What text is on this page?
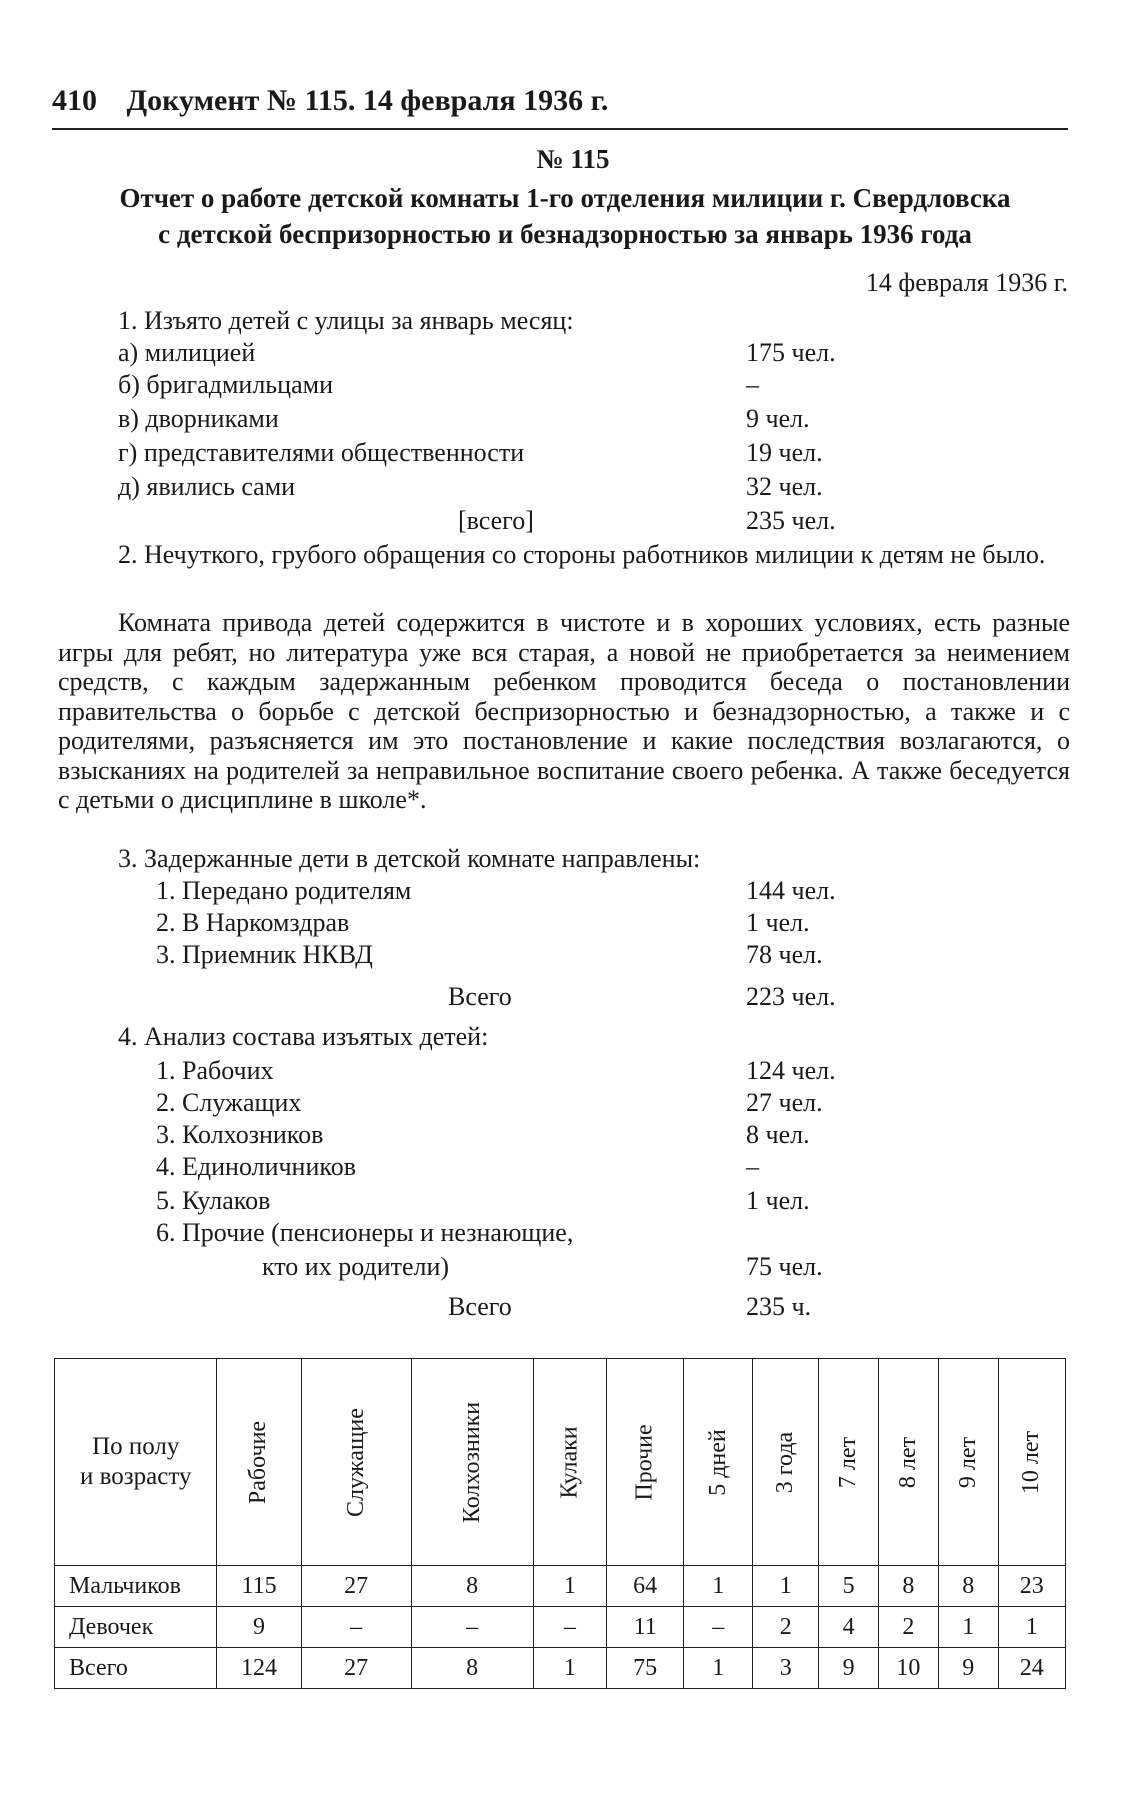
410 Документ № 115. 14 февраля 1936 г.
№ 115
Отчет о работе детской комнаты 1-го отделения милиции г. Свердловска
с детской беспризорностью и безнадзорностью за январь 1936 года
14 февраля 1936 г.
1. Изъято детей с улицы за январь месяц:
а) милицией	175 чел.
б) бригадмильцами	–
в) дворниками	9 чел.
г) представителями общественности	19 чел.
д) явились сами	32 чел.
[всего]	235 чел.
2. Нечуткого, грубого обращения со стороны работников милиции к детям не было.
Комната привода детей содержится в чистоте и в хороших условиях, есть разные игры для ребят, но литература уже вся старая, а новой не приобретается за неимением средств, с каждым задержанным ребенком проводится беседа о постановлении правительства о борьбе с детской беспризорностью и безнадзорностью, а также и с родителями, разъясняется им это постановление и какие последствия возлагаются, о взысканиях на родителей за неправильное воспитание своего ребенка. А также беседуется с детьми о дисциплине в школе*.
3. Задержанные дети в детской комнате направлены:
1. Передано родителям	144 чел.
2. В Наркомздрав	1 чел.
3. Приемник НКВД	78 чел.
Всего	223 чел.
4. Анализ состава изъятых детей:
1. Рабочих	124 чел.
2. Служащих	27 чел.
3. Колхозников	8 чел.
4. Единоличников	–
5. Кулаков	1 чел.
6. Прочие (пенсионеры и незнающие,
кто их родители)	75 чел.
Всего	235 ч.
По полу
и возрасту	Рабочие	Служащие	Колхозники	Кулаки	Прочие	5 дней	3 года	7 лет	8 лет	9 лет	10 лет
Мальчиков	115	27	8	1	64	1	1	5	8	8	23
Девочек	9	–	–	–	11	–	2	4	2	1	1
Всего	124	27	8	1	75	1	3	9	10	9	24
